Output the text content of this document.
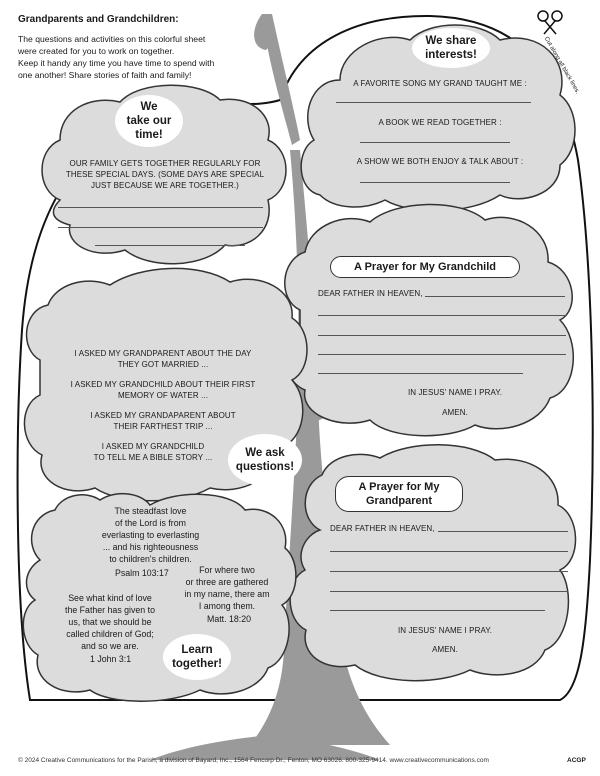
Grandparents and Grandchildren:

The questions and activities on this colorful sheet
were created for you to work on together.
Keep it handy any time you have time to spend with
one another! Share stories of faith and family!	Cut along all black lines.
We share
interests!
A FAVORITE SONG MY GRAND TAUGHT ME :
A BOOK WE READ TOGETHER :
A SHOW WE BOTH ENJOY & TALK ABOUT :
We
take our
time!
OUR FAMILY GETS TOGETHER REGULARLY FOR
THESE SPECIAL DAYS. (SOME DAYS ARE SPECIAL
JUST BECAUSE WE ARE TOGETHER.)
A Prayer for My Grandchild
DEAR FATHER IN HEAVEN,
IN JESUS' NAME I PRAY.
AMEN.
I ASKED MY GRANDPARENT ABOUT THE DAY
THEY GOT MARRIED ...
I ASKED MY GRANDCHILD ABOUT THEIR FIRST
MEMORY OF WATER ...
I ASKED MY GRANDAPARENT ABOUT
THEIR FARTHEST TRIP ...
I ASKED MY GRANDCHILD
TO TELL ME A BIBLE STORY ...	We ask
questions!
A Prayer for My
Grandparent
DEAR FATHER IN HEAVEN,
IN JESUS' NAME I PRAY.
AMEN.
The steadfast love
of the Lord is from
everlasting to everlasting
... and his righteousness
to children's children.
Psalm 103:17	For where two
or three are gathered
in my name, there am
I among them.
Matt. 18:20
See what kind of love
the Father has given to
us, that we should be
called children of God;
and so we are.
1 John 3:1
Learn
together!
© 2024 Creative Communications for the Parish, a division of Bayard, Inc., 1564 Fencorp Dr., Fenton, MO 63026. 800-325-9414. www.creativecommunications.com	ACGP
